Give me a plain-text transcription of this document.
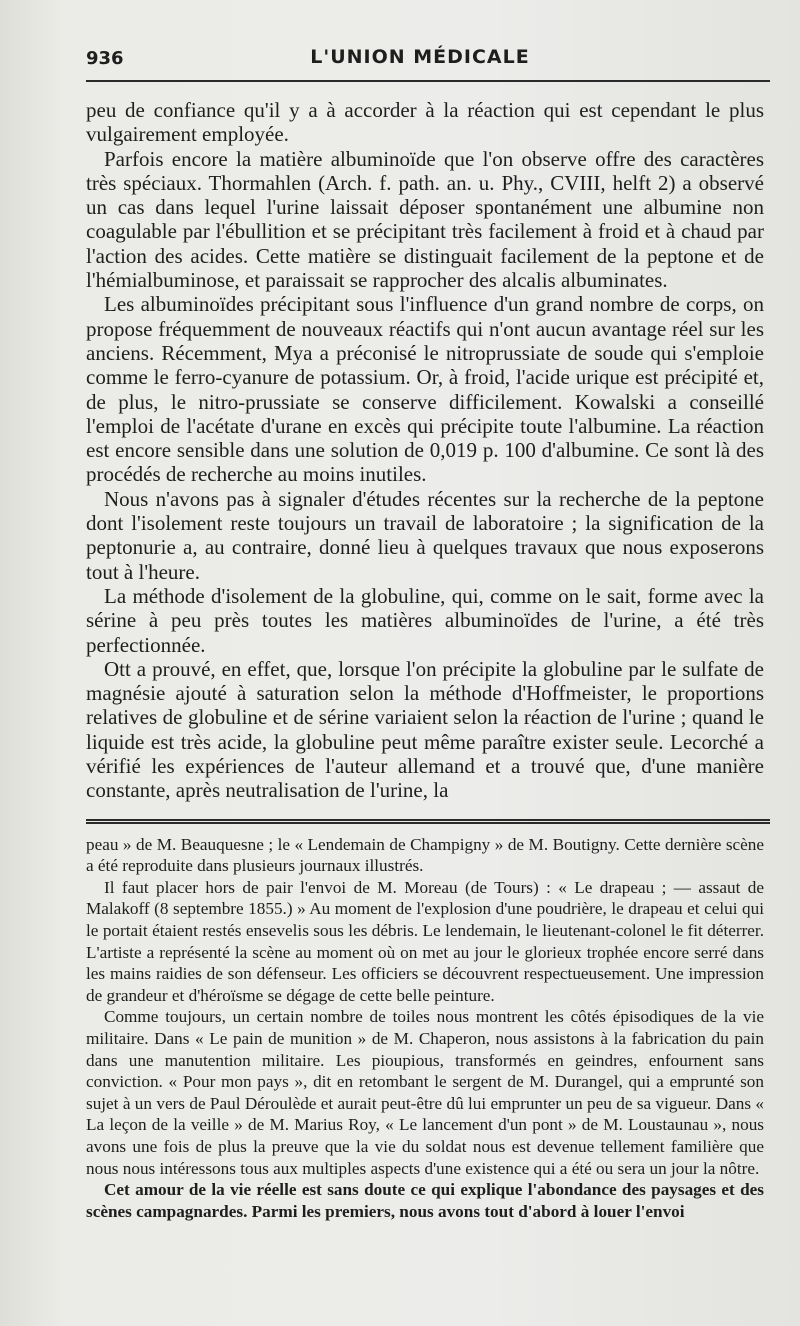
936	L'UNION MÉDICALE

peu de confiance qu'il y a à accorder à la réaction qui est cependant le plus vulgairement employée.

Parfois encore la matière albuminoïde que l'on observe offre des caractères très spéciaux. Thormahlen (Arch. f. path. an. u. Phy., CVIII, helft 2) a observé un cas dans lequel l'urine laissait déposer spontanément une albumine non coagulable par l'ébullition et se précipitant très facilement à froid et à chaud par l'action des acides. Cette matière se distinguait facilement de la peptone et de l'hémialbuminose, et paraissait se rapprocher des alcalis albuminates.

Les albuminoïdes précipitant sous l'influence d'un grand nombre de corps, on propose fréquemment de nouveaux réactifs qui n'ont aucun avantage réel sur les anciens. Récemment, Mya a préconisé le nitroprussiate de soude qui s'emploie comme le ferro-cyanure de potassium. Or, à froid, l'acide urique est précipité et, de plus, le nitro-prussiate se conserve difficilement. Kowalski a conseillé l'emploi de l'acétate d'urane en excès qui précipite toute l'albumine. La réaction est encore sensible dans une solution de 0,019 p. 100 d'albumine. Ce sont là des procédés de recherche au moins inutiles.

Nous n'avons pas à signaler d'études récentes sur la recherche de la peptone dont l'isolement reste toujours un travail de laboratoire ; la signification de la peptonurie a, au contraire, donné lieu à quelques travaux que nous exposerons tout à l'heure.

La méthode d'isolement de la globuline, qui, comme on le sait, forme avec la sérine à peu près toutes les matières albuminoïdes de l'urine, a été très perfectionnée.

Ott a prouvé, en effet, que, lorsque l'on précipite la globuline par le sulfate de magnésie ajouté à saturation selon la méthode d'Hoffmeister, le proportions relatives de globuline et de sérine variaient selon la réaction de l'urine ; quand le liquide est très acide, la globuline peut même paraître exister seule. Lecorché a vérifié les expériences de l'auteur allemand et a trouvé que, d'une manière constante, après neutralisation de l'urine, la

peau » de M. Beauquesne ; le « Lendemain de Champigny » de M. Boutigny. Cette dernière scène a été reproduite dans plusieurs journaux illustrés.

Il faut placer hors de pair l'envoi de M. Moreau (de Tours) : « Le drapeau ; — assaut de Malakoff (8 septembre 1855.) » Au moment de l'explosion d'une poudrière, le drapeau et celui qui le portait étaient restés ensevelis sous les débris. Le lendemain, le lieutenant-colonel le fit déterrer. L'artiste a représenté la scène au moment où on met au jour le glorieux trophée encore serré dans les mains raidies de son défenseur. Les officiers se découvrent respectueusement. Une impression de grandeur et d'héroïsme se dégage de cette belle peinture.

Comme toujours, un certain nombre de toiles nous montrent les côtés épisodiques de la vie militaire. Dans « Le pain de munition » de M. Chaperon, nous assistons à la fabrication du pain dans une manutention militaire. Les pioupious, transformés en geindres, enfournent sans conviction. « Pour mon pays », dit en retombant le sergent de M. Durangel, qui a emprunté son sujet à un vers de Paul Déroulède et aurait peut-être dû lui emprunter un peu de sa vigueur. Dans « La leçon de la veille » de M. Marius Roy, « Le lancement d'un pont » de M. Loustaunau », nous avons une fois de plus la preuve que la vie du soldat nous est devenue tellement familière que nous nous intéressons tous aux multiples aspects d'une existence qui a été ou sera un jour la nôtre.

Cet amour de la vie réelle est sans doute ce qui explique l'abondance des paysages et des scènes campagnardes. Parmi les premiers, nous avons tout d'abord à louer l'envoi
